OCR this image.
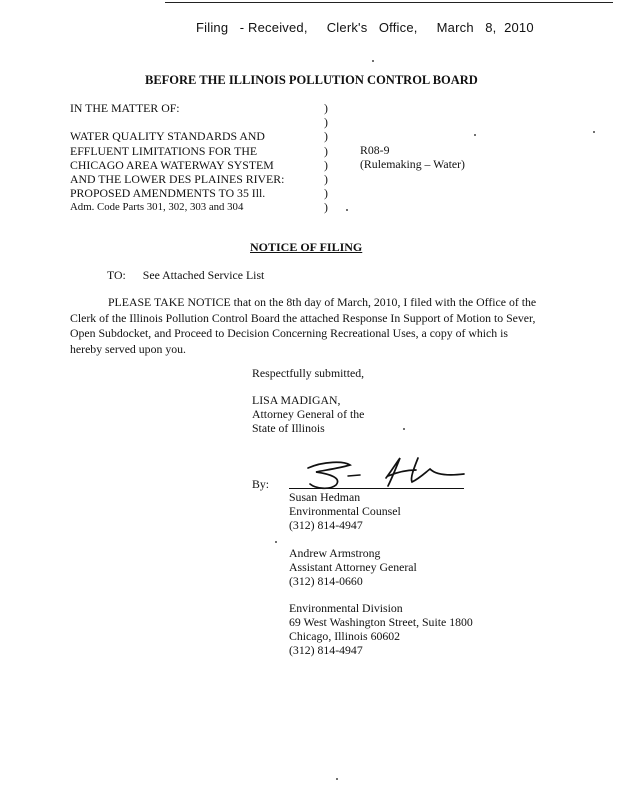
Filing   - Received,     Clerk's   Office,     March   8,  2010
BEFORE THE ILLINOIS POLLUTION CONTROL BOARD
IN THE MATTER OF:

WATER QUALITY STANDARDS AND
EFFLUENT LIMITATIONS FOR THE
CHICAGO AREA WATERWAY SYSTEM
AND THE LOWER DES PLAINES RIVER:
PROPOSED AMENDMENTS TO 35 Ill.
Adm. Code Parts 301, 302, 303 and 304
)
)
)
)
)
)
)
)
R08-9
(Rulemaking – Water)
NOTICE OF FILING
TO: See Attached Service List
PLEASE TAKE NOTICE that on the 8th day of March, 2010, I filed with the Office of the Clerk of the Illinois Pollution Control Board the attached Response In Support of Motion to Sever, Open Subdocket, and Proceed to Decision Concerning Recreational Uses, a copy of which is hereby served upon you.
Respectfully submitted,
LISA MADIGAN,
Attorney General of the
State of Illinois
By:
Susan Hedman
Environmental Counsel
(312) 814-4947
Andrew Armstrong
Assistant Attorney General
(312) 814-0660
Environmental Division
69 West Washington Street, Suite 1800
Chicago, Illinois 60602
(312) 814-4947
